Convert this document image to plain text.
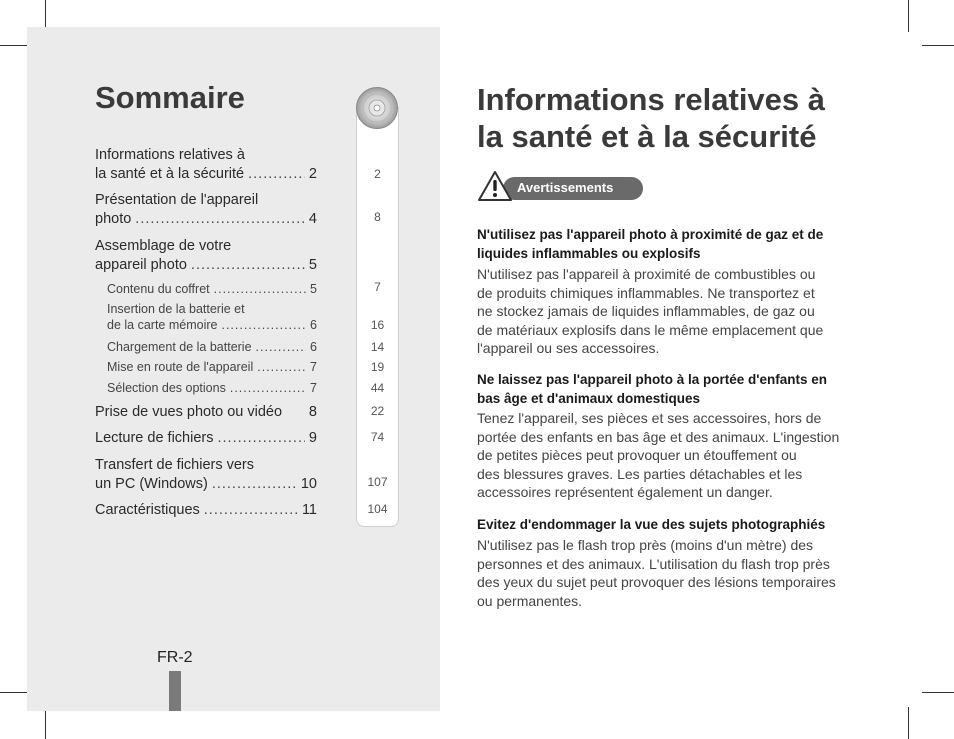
Sommaire
Informations relatives à
la santé et à la sécurité .....	2
Présentation de l'appareil
photo .....	4
Assemblage de votre
appareil photo .....	5
Contenu du coffret .....	5
Insertion de la batterie et
de la carte mémoire .....	6
Chargement de la batterie .....	6
Mise en route de l'appareil .....	7
Sélection des options .....	7
Prise de vues photo ou vidéo 8
Lecture de fichiers .....	9
Transfert de fichiers vers
un PC (Windows) .....	10
Caractéristiques .....	11
2
8
7
16
14
19
44
22
74
107
104
FR-2
Informations relatives à
la santé et à la sécurité
Avertissements
N'utilisez pas l'appareil photo à proximité de gaz et de
liquides inflammables ou explosifs
N'utilisez pas l'appareil à proximité de combustibles ou
de produits chimiques inflammables. Ne transportez et
ne stockez jamais de liquides inflammables, de gaz ou
de matériaux explosifs dans le même emplacement que
l'appareil ou ses accessoires.
Ne laissez pas l'appareil photo à la portée d'enfants en
bas âge et d'animaux domestiques
Tenez l'appareil, ses pièces et ses accessoires, hors de
portée des enfants en bas âge et des animaux. L'ingestion
de petites pièces peut provoquer un étouffement ou
des blessures graves. Les parties détachables et les
accessoires représentent également un danger.
Evitez d'endommager la vue des sujets photographiés
N'utilisez pas le flash trop près (moins d'un mètre) des
personnes et des animaux. L'utilisation du flash trop près
des yeux du sujet peut provoquer des lésions temporaires
ou permanentes.
